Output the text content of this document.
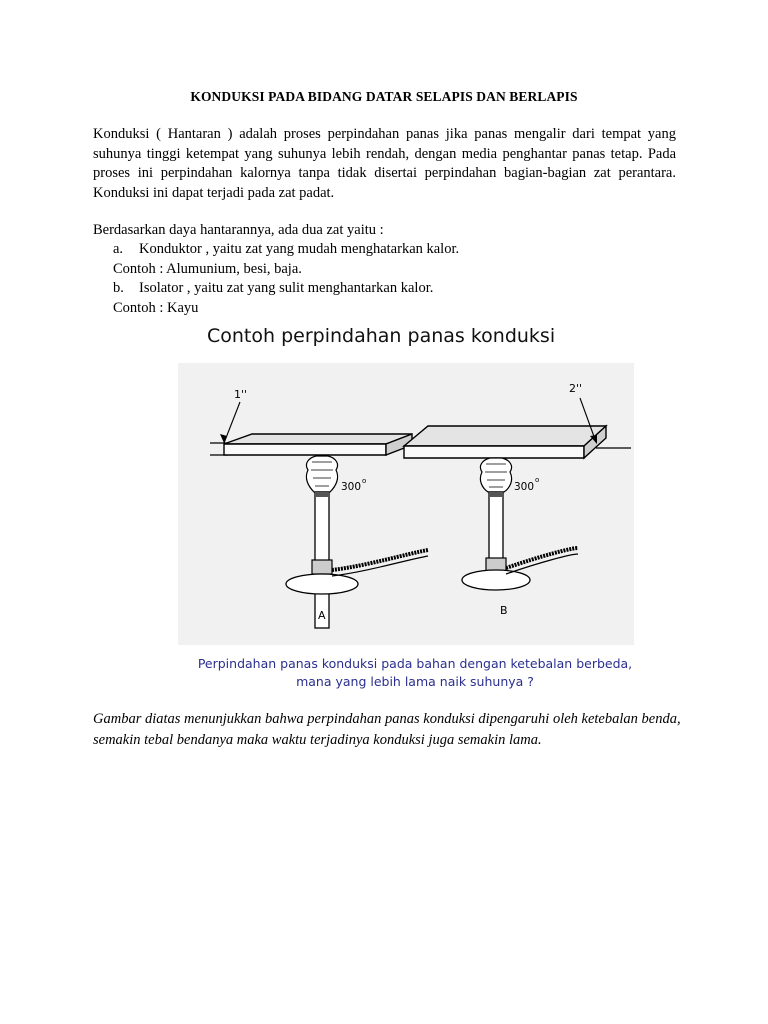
KONDUKSI PADA BIDANG DATAR SELAPIS DAN BERLAPIS
Konduksi ( Hantaran ) adalah proses perpindahan panas jika panas mengalir dari tempat yang suhunya tinggi ketempat yang suhunya lebih rendah, dengan media penghantar panas tetap. Pada proses ini perpindahan kalornya tanpa tidak disertai perpindahan bagian-bagian zat perantara. Konduksi ini dapat terjadi pada zat padat.
Berdasarkan daya hantarannya, ada dua zat yaitu :
a.	Konduktor , yaitu zat yang mudah menghatarkan kalor.
Contoh : Alumunium, besi, baja.
b.	Isolator , yaitu zat yang sulit menghantarkan kalor.
Contoh : Kayu
Contoh perpindahan panas konduksi
1''	2''
300 o
A
300
o
B
Perpindahan panas konduksi pada bahan dengan ketebalan berbeda,
mana yang lebih lama naik suhunya ?
Gambar diatas menunjukkan bahwa perpindahan panas konduksi dipengaruhi oleh ketebalan benda, semakin tebal bendanya maka waktu terjadinya konduksi juga semakin lama.
